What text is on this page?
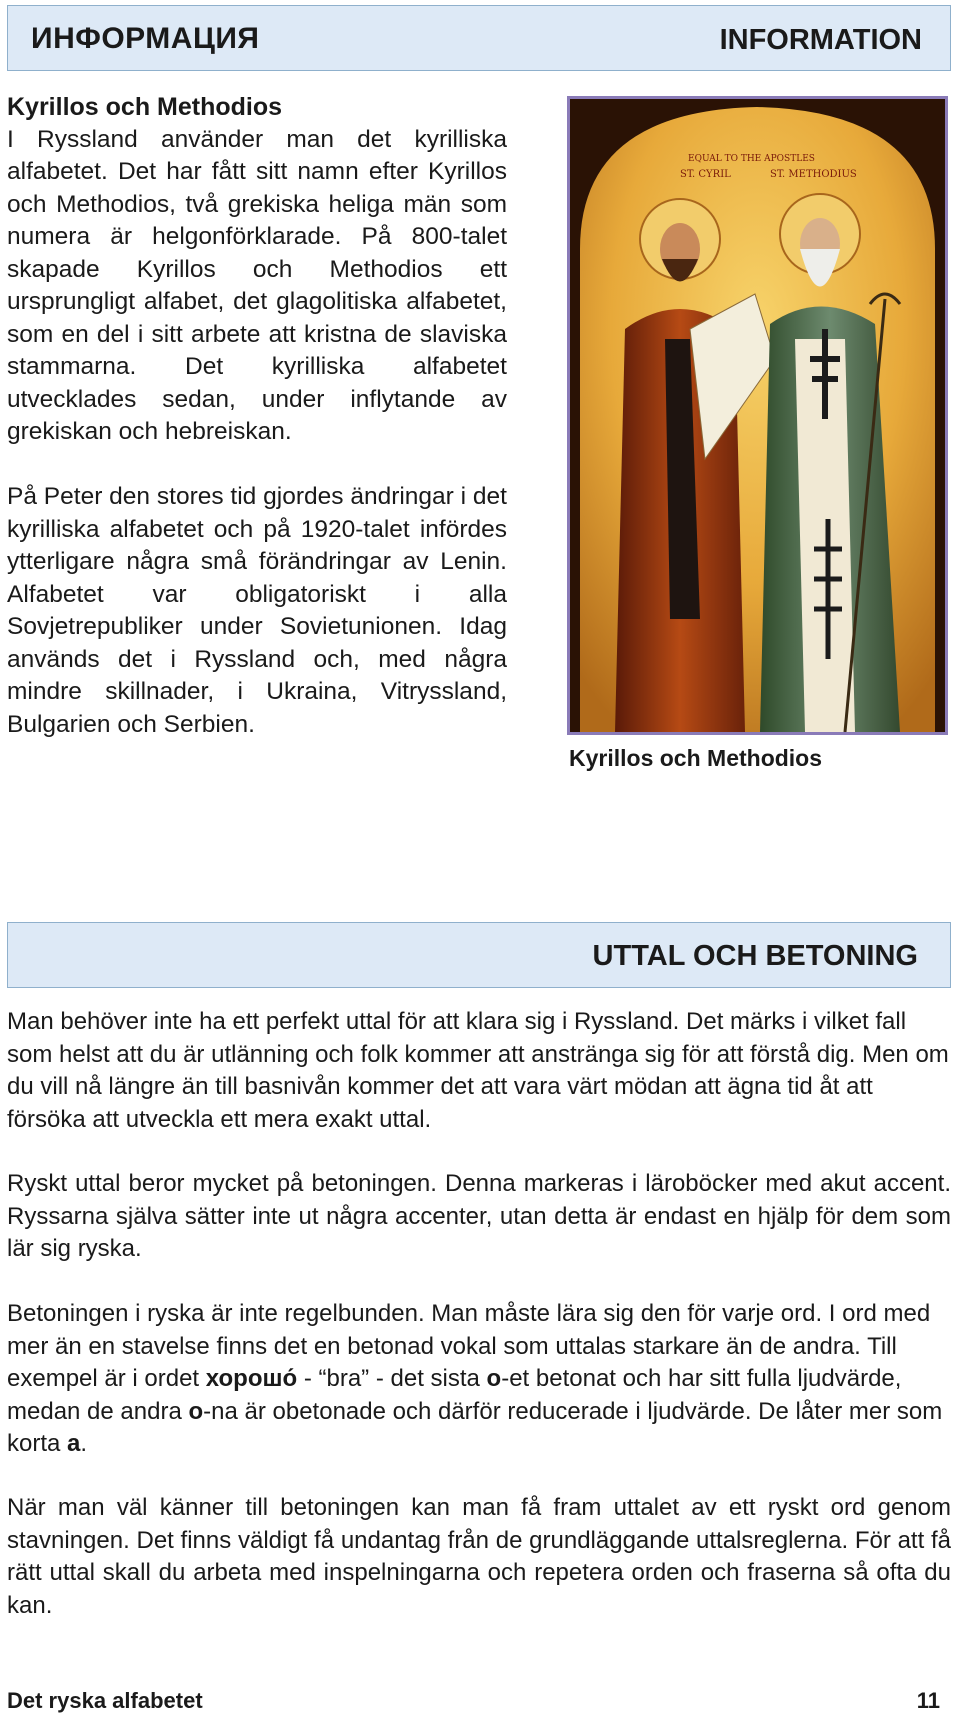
ИНФОРМАЦИЯ	INFORMATION
Kyrillos och Methodios

I Ryssland använder man det kyrilliska alfabetet. Det har fått sitt namn efter Kyrillos och Methodios, två grekiska heliga män som numera är helgonförklarade. På 800-talet skapade Kyrillos och Methodios ett ursprungligt alfabet, det glagolitiska alfabetet, som en del i sitt arbete att kristna de slaviska stammarna. Det kyrilliska alfabetet utvecklades sedan, under inflytande av grekiskan och hebreiskan.

På Peter den stores tid gjordes ändringar i det kyrilliska alfabetet och på 1920-talet infördes ytterligare några små förändringar av Lenin. Alfabetet var obligatoriskt i alla Sovjetrepubliker under Sovietunionen. Idag används det i Ryssland och, med några mindre skillnader, i Ukraina, Vitryssland, Bulgarien och Serbien.
ST. CYRIL	ST. METHODIUS
EQUAL TO THE APOSTLES
Kyrillos och Methodios
UTTAL OCH BETONING
Man behöver inte ha ett perfekt uttal för att klara sig i Ryssland. Det märks i vilket fall som helst att du är utlänning och folk kommer att anstränga sig för att förstå dig. Men om du vill nå längre än till basnivån kommer det att vara värt mödan att ägna tid åt att försöka att utveckla ett mera exakt uttal.
Ryskt uttal beror mycket på betoningen. Denna markeras i läroböcker med akut accent. Ryssarna själva sätter inte ut några accenter, utan detta är endast en hjälp för dem som lär sig ryska.
Betoningen i ryska är inte regelbunden. Man måste lära sig den för varje ord. I ord med mer än en stavelse finns det en betonad vokal som uttalas starkare än de andra. Till exempel är i ordet хорошо́ - “bra” - det sista o-et betonat och har sitt fulla ljudvärde, medan de andra o-na är obetonade och därför reducerade i ljudvärde. De låter mer som korta a.
När man väl känner till betoningen kan man få fram uttalet av ett ryskt ord genom stavningen. Det finns väldigt få undantag från de grundläggande uttalsreglerna. För att få rätt uttal skall du arbeta med inspelningarna och repetera orden och fraserna så ofta du kan.
Det ryska alfabetet	11
